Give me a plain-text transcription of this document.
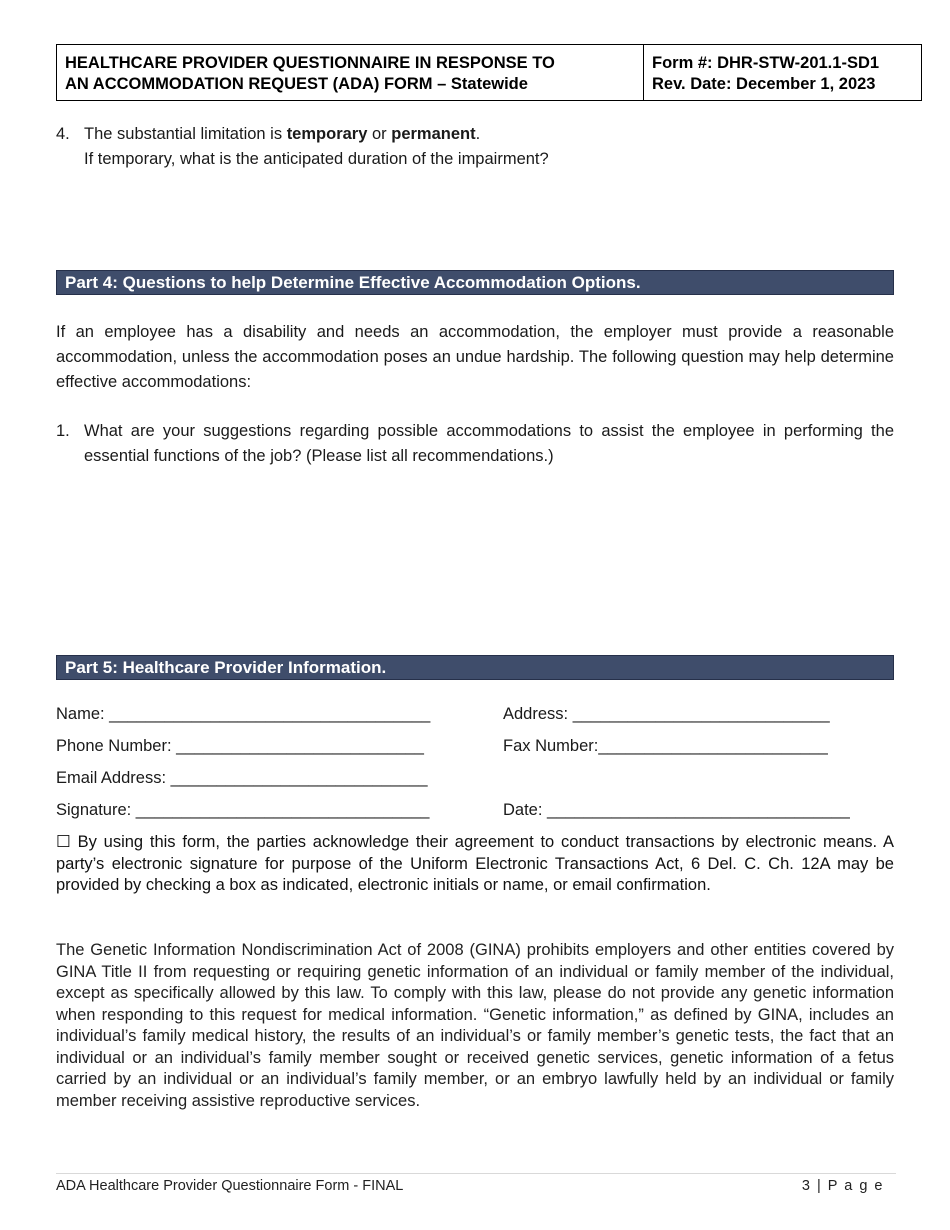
HEALTHCARE PROVIDER QUESTIONNAIRE IN RESPONSE TO
AN ACCOMMODATION REQUEST (ADA) FORM – Statewide
Form #: DHR-STW-201.1-SD1
Rev. Date: December 1, 2023
4. The substantial limitation is temporary or permanent.
If temporary, what is the anticipated duration of the impairment?
Part 4: Questions to help Determine Effective Accommodation Options.
If an employee has a disability and needs an accommodation, the employer must provide a reasonable accommodation, unless the accommodation poses an undue hardship. The following question may help determine effective accommodations:
1. What are your suggestions regarding possible accommodations to assist the employee in performing the essential functions of the job? (Please list all recommendations.)
Part 5: Healthcare Provider Information.
Name: ___________________________________	Address: ____________________________
Phone Number: ___________________________	Fax Number:_________________________
Email Address: ____________________________
Signature: ________________________________	Date: _________________________________
☐ By using this form, the parties acknowledge their agreement to conduct transactions by electronic means. A party’s electronic signature for purpose of the Uniform Electronic Transactions Act, 6 Del. C. Ch. 12A may be provided by checking a box as indicated, electronic initials or name, or email confirmation.
The Genetic Information Nondiscrimination Act of 2008 (GINA) prohibits employers and other entities covered by GINA Title II from requesting or requiring genetic information of an individual or family member of the individual, except as specifically allowed by this law. To comply with this law, please do not provide any genetic information when responding to this request for medical information. “Genetic information,” as defined by GINA, includes an individual’s family medical history, the results of an individual’s or family member’s genetic tests, the fact that an individual or an individual’s family member sought or received genetic services, genetic information of a fetus carried by an individual or an individual’s family member, or an embryo lawfully held by an individual or family member receiving assistive reproductive services.
ADA Healthcare Provider Questionnaire Form - FINAL	3 | P a g e
